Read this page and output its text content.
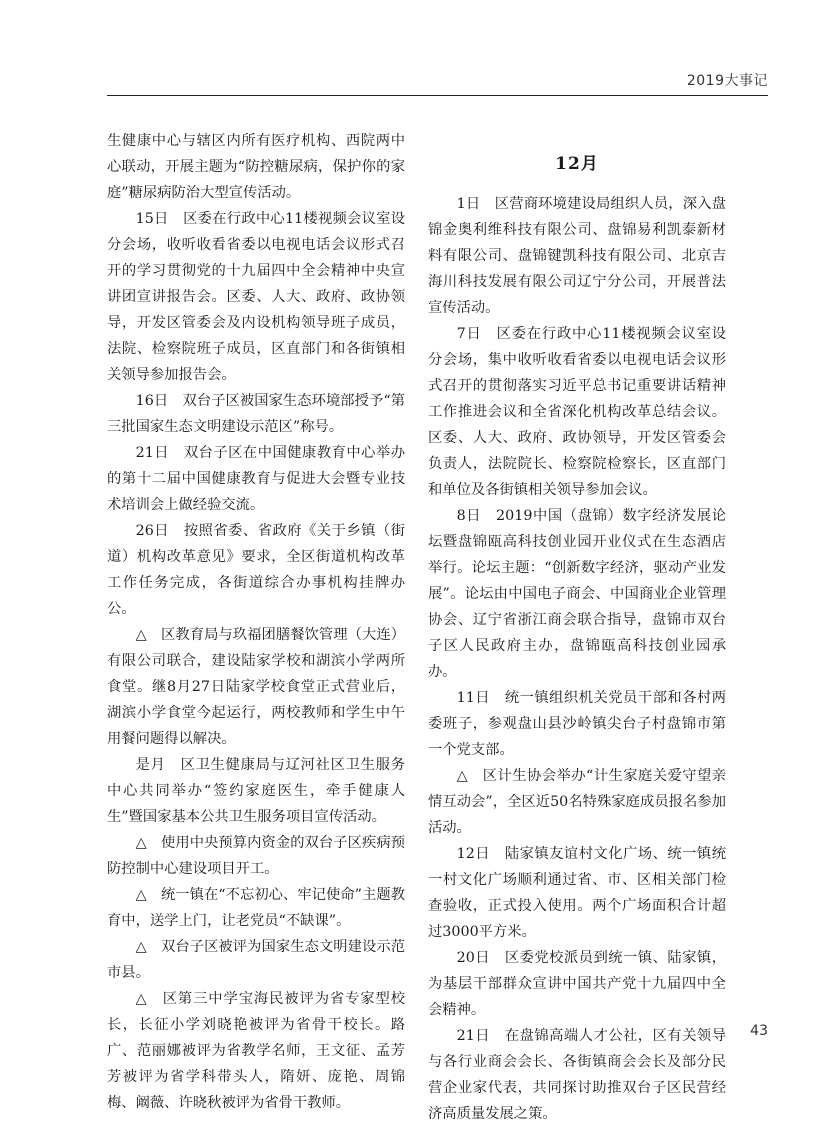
2019大事记

生健康中心与辖区内所有医疗机构、西院两中心联动，开展主题为“防控糖尿病，保护你的家庭”糖尿病防治大型宣传活动。

15日　区委在行政中心11楼视频会议室设分会场，收听收看省委以电视电话会议形式召开的学习贯彻党的十九届四中全会精神中央宣讲团宣讲报告会。区委、人大、政府、政协领导，开发区管委会及内设机构领导班子成员，法院、检察院班子成员，区直部门和各街镇相关领导参加报告会。

16日　双台子区被国家生态环境部授予“第三批国家生态文明建设示范区”称号。

21日　双台子区在中国健康教育中心举办的第十二届中国健康教育与促进大会暨专业技术培训会上做经验交流。

26日　按照省委、省政府《关于乡镇（街道）机构改革意见》要求，全区街道机构改革工作任务完成，各街道综合办事机构挂牌办公。

△　区教育局与玖福团膳餐饮管理（大连）有限公司联合，建设陆家学校和湖滨小学两所食堂。继8月27日陆家学校食堂正式营业后，湖滨小学食堂今起运行，两校教师和学生中午用餐问题得以解决。

是月　区卫生健康局与辽河社区卫生服务中心共同举办“签约家庭医生，牵手健康人生”暨国家基本公共卫生服务项目宣传活动。

△　使用中央预算内资金的双台子区疾病预防控制中心建设项目开工。

△　统一镇在“不忘初心、牢记使命”主题教育中，送学上门，让老党员“不缺课”。

△　双台子区被评为国家生态文明建设示范市县。

△　区第三中学宝海民被评为省专家型校长，长征小学刘晓艳被评为省骨干校长。路广、范丽娜被评为省教学名师，王文征、孟芳芳被评为省学科带头人，隋妍、庞艳、周锦梅、阚薇、许晓秋被评为省骨干教师。

12月

1日　区营商环境建设局组织人员，深入盘锦金奥利维科技有限公司、盘锦易利凯泰新材料有限公司、盘锦键凯科技有限公司、北京吉海川科技发展有限公司辽宁分公司，开展普法宣传活动。

7日　区委在行政中心11楼视频会议室设分会场，集中收听收看省委以电视电话会议形式召开的贯彻落实习近平总书记重要讲话精神工作推进会议和全省深化机构改革总结会议。区委、人大、政府、政协领导，开发区管委会负责人，法院院长、检察院检察长，区直部门和单位及各街镇相关领导参加会议。

8日　2019中国（盘锦）数字经济发展论坛暨盘锦瓯高科技创业园开业仪式在生态酒店举行。论坛主题：“创新数字经济，驱动产业发展”。论坛由中国电子商会、中国商业企业管理协会、辽宁省浙江商会联合指导，盘锦市双台子区人民政府主办，盘锦瓯高科技创业园承办。

11日　统一镇组织机关党员干部和各村两委班子，参观盘山县沙岭镇尖台子村盘锦市第一个党支部。

△　区计生协会举办“计生家庭关爱守望亲情互动会”，全区近50名特殊家庭成员报名参加活动。

12日　陆家镇友谊村文化广场、统一镇统一村文化广场顺利通过省、市、区相关部门检查验收，正式投入使用。两个广场面积合计超过3000平方米。

20日　区委党校派员到统一镇、陆家镇，为基层干部群众宣讲中国共产党十九届四中全会精神。

21日　在盘锦高端人才公社，区有关领导与各行业商会会长、各街镇商会会长及部分民营企业家代表，共同探讨助推双台子区民营经济高质量发展之策。

43
